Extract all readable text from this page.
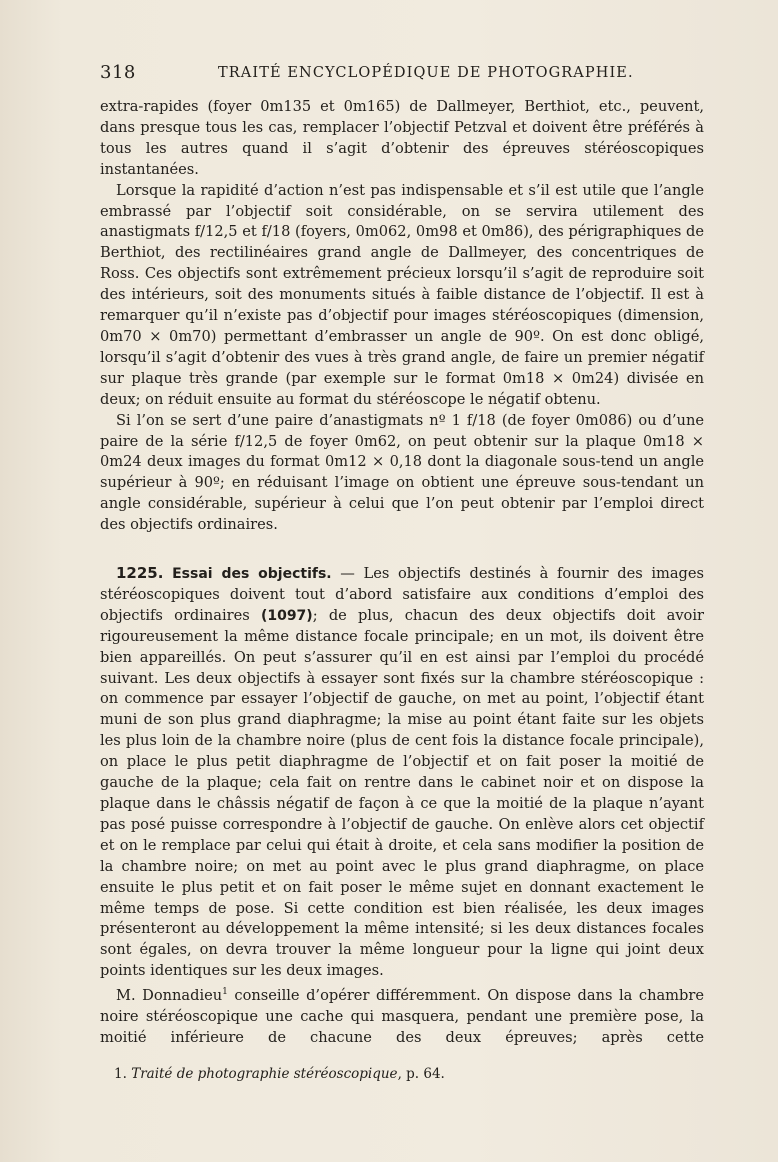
318	TRAITÉ ENCYCLOPÉDIQUE DE PHOTOGRAPHIE.

extra-rapides (foyer 0m135 et 0m165) de Dallmeyer, Berthiot, etc., peuvent, dans presque tous les cas, remplacer l’objectif Petzval et doivent être préférés à tous les autres quand il s’agit d’obtenir des épreuves stéréoscopiques instantanées.

Lorsque la rapidité d’action n’est pas indispensable et s’il est utile que l’angle embrassé par l’objectif soit considérable, on se servira utilement des anastigmats f/12,5 et f/18 (foyers, 0m062, 0m98 et 0m86), des périgraphiques de Berthiot, des rectilinéaires grand angle de Dallmeyer, des concentriques de Ross. Ces objectifs sont extrêmement précieux lorsqu’il s’agit de reproduire soit des intérieurs, soit des monuments situés à faible distance de l’objectif. Il est à remarquer qu’il n’existe pas d’objectif pour images stéréoscopiques (dimension, 0m70 × 0m70) permettant d’embrasser un angle de 90º. On est donc obligé, lorsqu’il s’agit d’obtenir des vues à très grand angle, de faire un premier négatif sur plaque très grande (par exemple sur le format 0m18 × 0m24) divisée en deux; on réduit ensuite au format du stéréoscope le négatif obtenu.

Si l’on se sert d’une paire d’anastigmats nº 1 f/18 (de foyer 0m086) ou d’une paire de la série f/12,5 de foyer 0m62, on peut obtenir sur la plaque 0m18 × 0m24 deux images du format 0m12 × 0,18 dont la diagonale sous-tend un angle supérieur à 90º; en réduisant l’image on obtient une épreuve sous-tendant un angle considérable, supérieur à celui que l’on peut obtenir par l’emploi direct des objectifs ordinaires.

1225. Essai des objectifs. — Les objectifs destinés à fournir des images stéréoscopiques doivent tout d’abord satisfaire aux conditions d’emploi des objectifs ordinaires (1097); de plus, chacun des deux objectifs doit avoir rigoureusement la même distance focale principale; en un mot, ils doivent être bien appareillés. On peut s’assurer qu’il en est ainsi par l’emploi du procédé suivant. Les deux objectifs à essayer sont fixés sur la chambre stéréoscopique : on commence par essayer l’objectif de gauche, on met au point, l’objectif étant muni de son plus grand diaphragme; la mise au point étant faite sur les objets les plus loin de la chambre noire (plus de cent fois la distance focale principale), on place le plus petit diaphragme de l’objectif et on fait poser la moitié de gauche de la plaque; cela fait on rentre dans le cabinet noir et on dispose la plaque dans le châssis négatif de façon à ce que la moitié de la plaque n’ayant pas posé puisse correspondre à l’objectif de gauche. On enlève alors cet objectif et on le remplace par celui qui était à droite, et cela sans modifier la position de la chambre noire; on met au point avec le plus grand diaphragme, on place ensuite le plus petit et on fait poser le même sujet en donnant exactement le même temps de pose. Si cette condition est bien réalisée, les deux images présenteront au développement la même intensité; si les deux distances focales sont égales, on devra trouver la même longueur pour la ligne qui joint deux points identiques sur les deux images.

M. Donnadieu$^1$ conseille d’opérer différemment. On dispose dans la chambre noire stéréoscopique une cache qui masquera, pendant une première pose, la moitié inférieure de chacune des deux épreuves; après cette

1. Traité de photographie stéréoscopique, p. 64.
